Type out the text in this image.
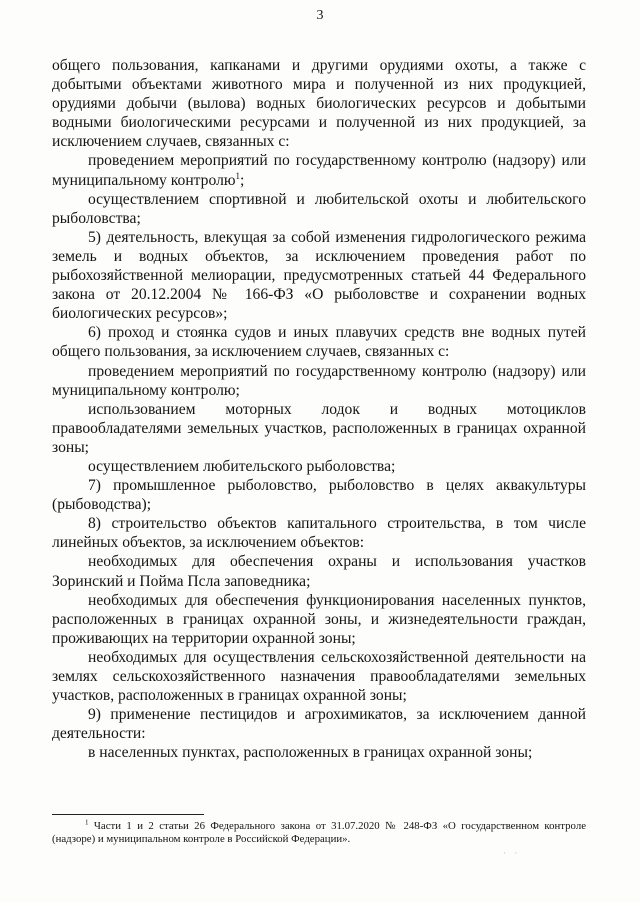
3

общего пользования, капканами и другими орудиями охоты, а также с добытыми объектами животного мира и полученной из них продукцией, орудиями добычи (вылова) водных биологических ресурсов и добытыми водными биологическими ресурсами и полученной из них продукцией, за исключением случаев, связанных с:

проведением мероприятий по государственному контролю (надзору) или муниципальному контролю$^1$;

осуществлением спортивной и любительской охоты и любительского рыболовства;

5) деятельность, влекущая за собой изменения гидрологического режима земель и водных объектов, за исключением проведения работ по рыбохозяйственной мелиорации, предусмотренных статьей 44 Федерального закона от 20.12.2004 № 166-ФЗ «О рыболовстве и сохранении водных биологических ресурсов»;

6) проход и стоянка судов и иных плавучих средств вне водных путей общего пользования, за исключением случаев, связанных с:

проведением мероприятий по государственному контролю (надзору) или муниципальному контролю;

использованием моторных лодок и водных мотоциклов правообладателями земельных участков, расположенных в границах охранной зоны;

осуществлением любительского рыболовства;

7) промышленное рыболовство, рыболовство в целях аквакультуры (рыбоводства);

8) строительство объектов капитального строительства, в том числе линейных объектов, за исключением объектов:

необходимых для обеспечения охраны и использования участков Зоринский и Пойма Псла заповедника;

необходимых для обеспечения функционирования населенных пунктов, расположенных в границах охранной зоны, и жизнедеятельности граждан, проживающих на территории охранной зоны;

необходимых для осуществления сельскохозяйственной деятельности на землях сельскохозяйственного назначения правообладателями земельных участков, расположенных в границах охранной зоны;

9) применение пестицидов и агрохимикатов, за исключением данной деятельности:

в населенных пунктах, расположенных в границах охранной зоны;

$^1$ Части 1 и 2 статьи 26 Федерального закона от 31.07.2020 № 248-ФЗ «О государственном контроле (надзоре) и муниципальном контроле в Российской Федерации».
· ·
